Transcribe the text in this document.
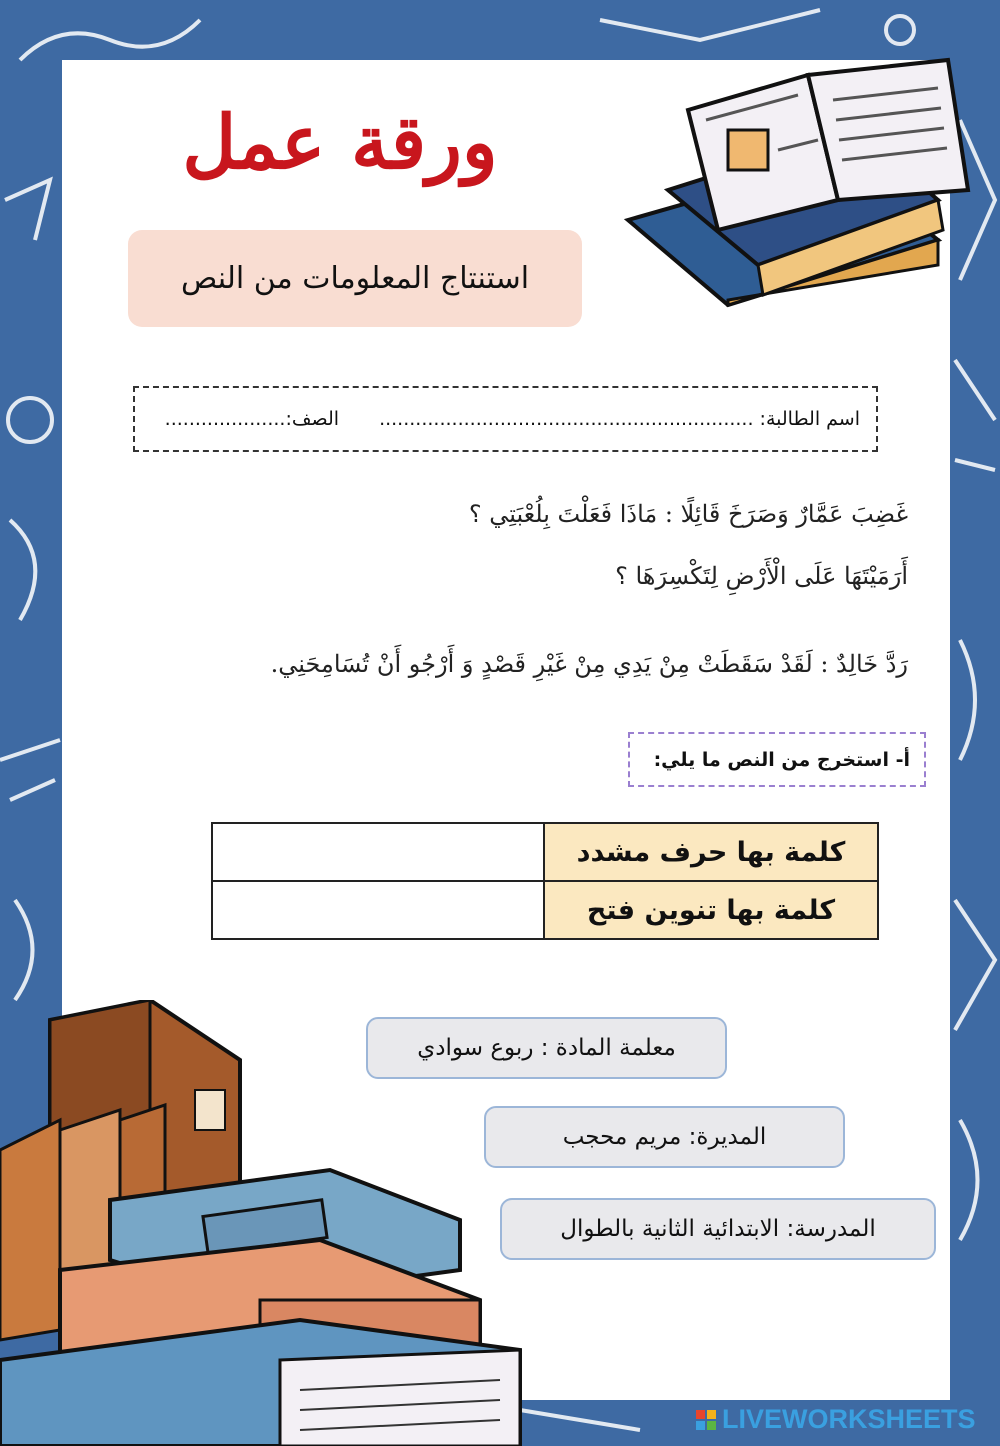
ورقة عمل
استنتاج المعلومات من النص
اسم الطالبة: ..............................................................
الصف:....................
غَضِبَ عَمَّارٌ وَصَرَخَ قَائِلًا : مَاذَا فَعَلْتَ بِلُعْبَتِي ؟
أَرَمَيْتَهَا عَلَى الْأَرْضِ لِتَكْسِرَهَا ؟
رَدَّ خَالِدٌ : لَقَدْ سَقَطَتْ مِنْ يَدِي مِنْ غَيْرِ قَصْدٍ وَ أَرْجُو أَنْ تُسَامِحَنِي.
أ- استخرج من النص ما يلي:
كلمة بها حرف مشدد	
كلمة بها تنوين فتح	
معلمة المادة : ربوع سوادي
المديرة: مريم محجب
المدرسة: الابتدائية الثانية بالطوال
LIVEWORKSHEETS
